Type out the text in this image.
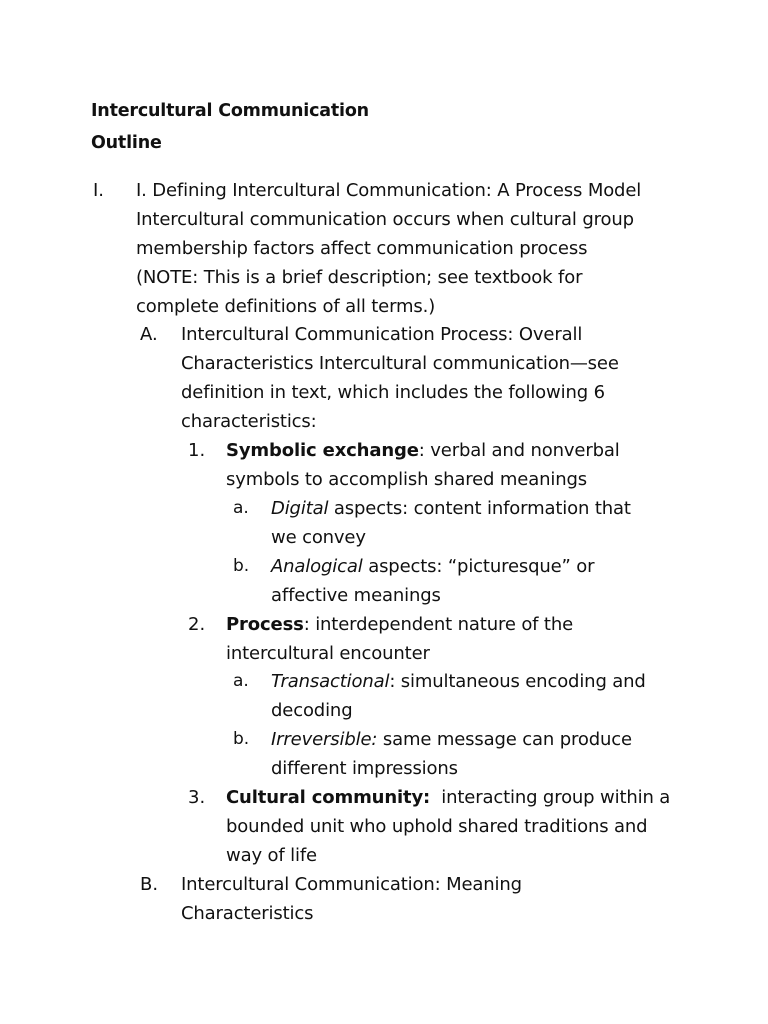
Intercultural Communication
Outline
I. I. Defining Intercultural Communication: A Process Model
Intercultural communication occurs when cultural group
membership factors affect communication process
(NOTE: This is a brief description; see textbook for
complete definitions of all terms.)
A. Intercultural Communication Process: Overall
Characteristics Intercultural communication—see
definition in text, which includes the following 6
characteristics:
1. Symbolic exchange: verbal and nonverbal
symbols to accomplish shared meanings
a. Digital aspects: content information that
we convey
b. Analogical aspects: “picturesque” or
affective meanings
2. Process: interdependent nature of the
intercultural encounter
a. Transactional: simultaneous encoding and
decoding
b. Irreversible: same message can produce
different impressions
3. Cultural community:  interacting group within a
bounded unit who uphold shared traditions and
way of life
B. Intercultural Communication: Meaning
Characteristics
